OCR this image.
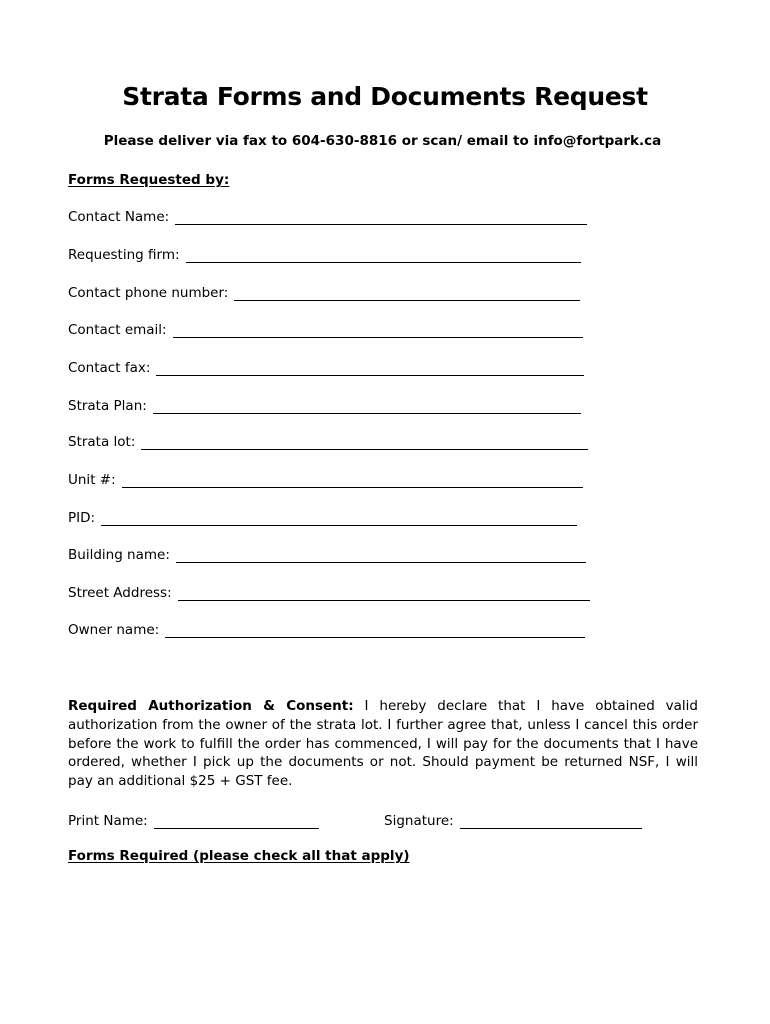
Strata Forms and Documents Request
Please deliver via fax to 604-630-8816 or scan/ email to info@fortpark.ca
Forms Requested by:
Contact Name:
Requesting firm:
Contact phone number:
Contact email:
Contact fax:
Strata Plan:
Strata lot:
Unit #:
PID:
Building name:
Street Address:
Owner name:
Required Authorization & Consent: I hereby declare that I have obtained valid authorization from the owner of the strata lot. I further agree that, unless I cancel this order before the work to fulfill the order has commenced, I will pay for the documents that I have ordered, whether I pick up the documents or not. Should payment be returned NSF, I will pay an additional $25 + GST fee.
Print Name:	Signature:
Forms Required (please check all that apply)
